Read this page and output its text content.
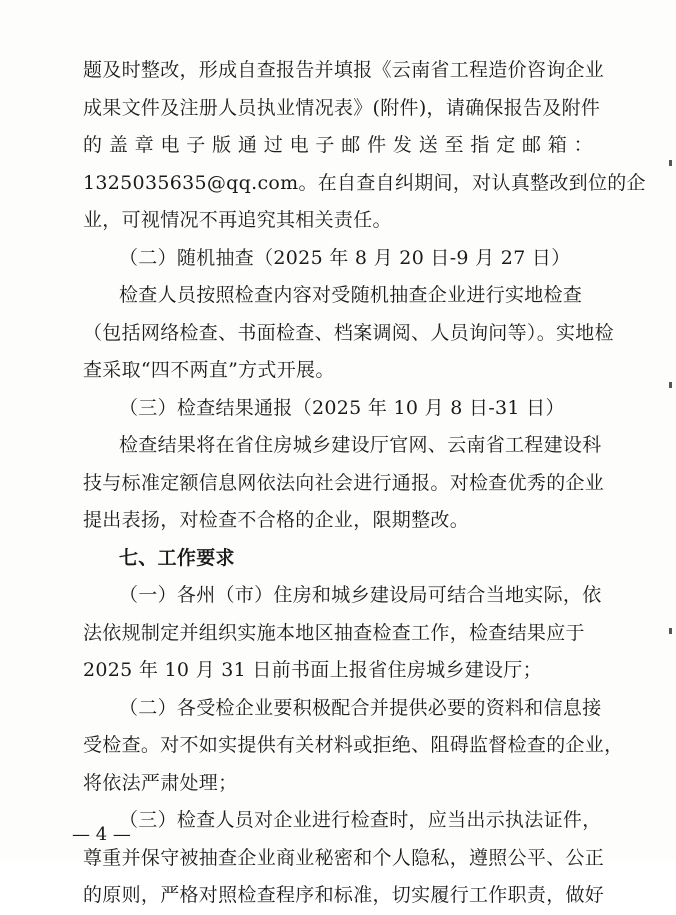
题及时整改，形成自查报告并填报《云南省工程造价咨询企业
成果文件及注册人员执业情况表》(附件)，请确保报告及附件
的盖章电子版通过电子邮件发送至指定邮箱：
1325035635@qq.com。在自查自纠期间，对认真整改到位的企
业，可视情况不再追究其相关责任。
（二）随机抽查（2025 年 8 月 20 日-9 月 27 日）
检查人员按照检查内容对受随机抽查企业进行实地检查
（包括网络检查、书面检查、档案调阅、人员询问等）。实地检
查采取“四不两直”方式开展。
（三）检查结果通报（2025 年 10 月 8 日-31 日）
检查结果将在省住房城乡建设厅官网、云南省工程建设科
技与标准定额信息网依法向社会进行通报。对检查优秀的企业
提出表扬，对检查不合格的企业，限期整改。
七、工作要求
（一）各州（市）住房和城乡建设局可结合当地实际，依
法依规制定并组织实施本地区抽查检查工作，检查结果应于
2025 年 10 月 31 日前书面上报省住房城乡建设厅；
（二）各受检企业要积极配合并提供必要的资料和信息接
受检查。对不如实提供有关材料或拒绝、阻碍监督检查的企业，
将依法严肃处理；
（三）检查人员对企业进行检查时，应当出示执法证件，
尊重并保守被抽查企业商业秘密和个人隐私，遵照公平、公正
的原则，严格对照检查程序和标准，切实履行工作职责，做好
— 4 —
